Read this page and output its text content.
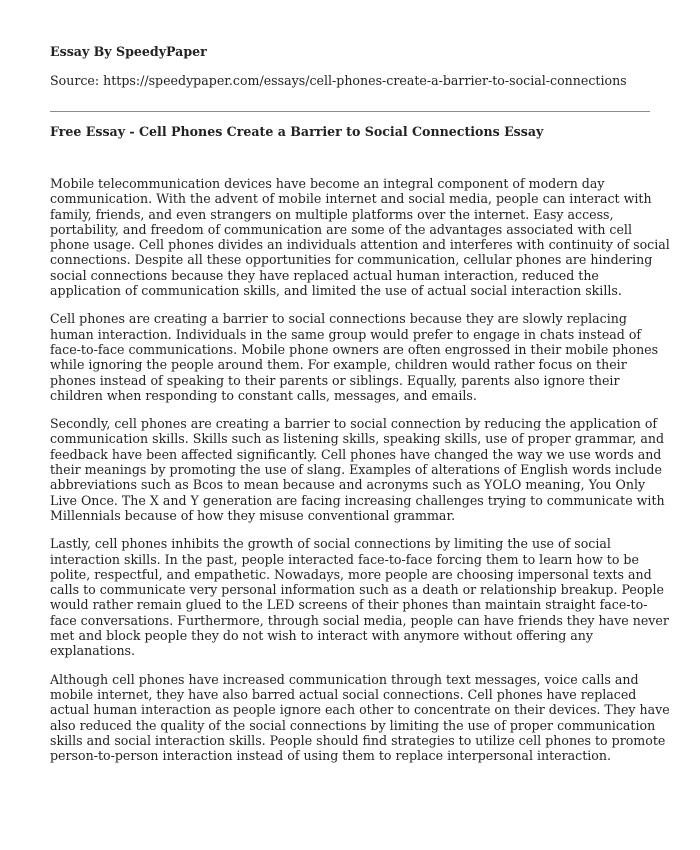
Essay By SpeedyPaper
Source: https://speedypaper.com/essays/cell-phones-create-a-barrier-to-social-connections
Free Essay - Cell Phones Create a Barrier to Social Connections Essay

Mobile telecommunication devices have become an integral component of modern day communication. With the advent of mobile internet and social media, people can interact with family, friends, and even strangers on multiple platforms over the internet. Easy access, portability, and freedom of communication are some of the advantages associated with cell phone usage. Cell phones divides an individuals attention and interferes with continuity of social connections. Despite all these opportunities for communication, cellular phones are hindering social connections because they have replaced actual human interaction, reduced the application of communication skills, and limited the use of actual social interaction skills.

Cell phones are creating a barrier to social connections because they are slowly replacing human interaction. Individuals in the same group would prefer to engage in chats instead of face-to-face communications. Mobile phone owners are often engrossed in their mobile phones while ignoring the people around them. For example, children would rather focus on their phones instead of speaking to their parents or siblings. Equally, parents also ignore their children when responding to constant calls, messages, and emails.

Secondly, cell phones are creating a barrier to social connection by reducing the application of communication skills. Skills such as listening skills, speaking skills, use of proper grammar, and feedback have been affected significantly. Cell phones have changed the way we use words and their meanings by promoting the use of slang. Examples of alterations of English words include abbreviations such as Bcos to mean because and acronyms such as YOLO meaning, You Only Live Once. The X and Y generation are facing increasing challenges trying to communicate with Millennials because of how they misuse conventional grammar.

Lastly, cell phones inhibits the growth of social connections by limiting the use of social interaction skills. In the past, people interacted face-to-face forcing them to learn how to be polite, respectful, and empathetic. Nowadays, more people are choosing impersonal texts and calls to communicate very personal information such as a death or relationship breakup. People would rather remain glued to the LED screens of their phones than maintain straight face-to-face conversations. Furthermore, through social media, people can have friends they have never met and block people they do not wish to interact with anymore without offering any explanations.

Although cell phones have increased communication through text messages, voice calls and mobile internet, they have also barred actual social connections. Cell phones have replaced actual human interaction as people ignore each other to concentrate on their devices. They have also reduced the quality of the social connections by limiting the use of proper communication skills and social interaction skills. People should find strategies to utilize cell phones to promote person-to-person interaction instead of using them to replace interpersonal interaction.
